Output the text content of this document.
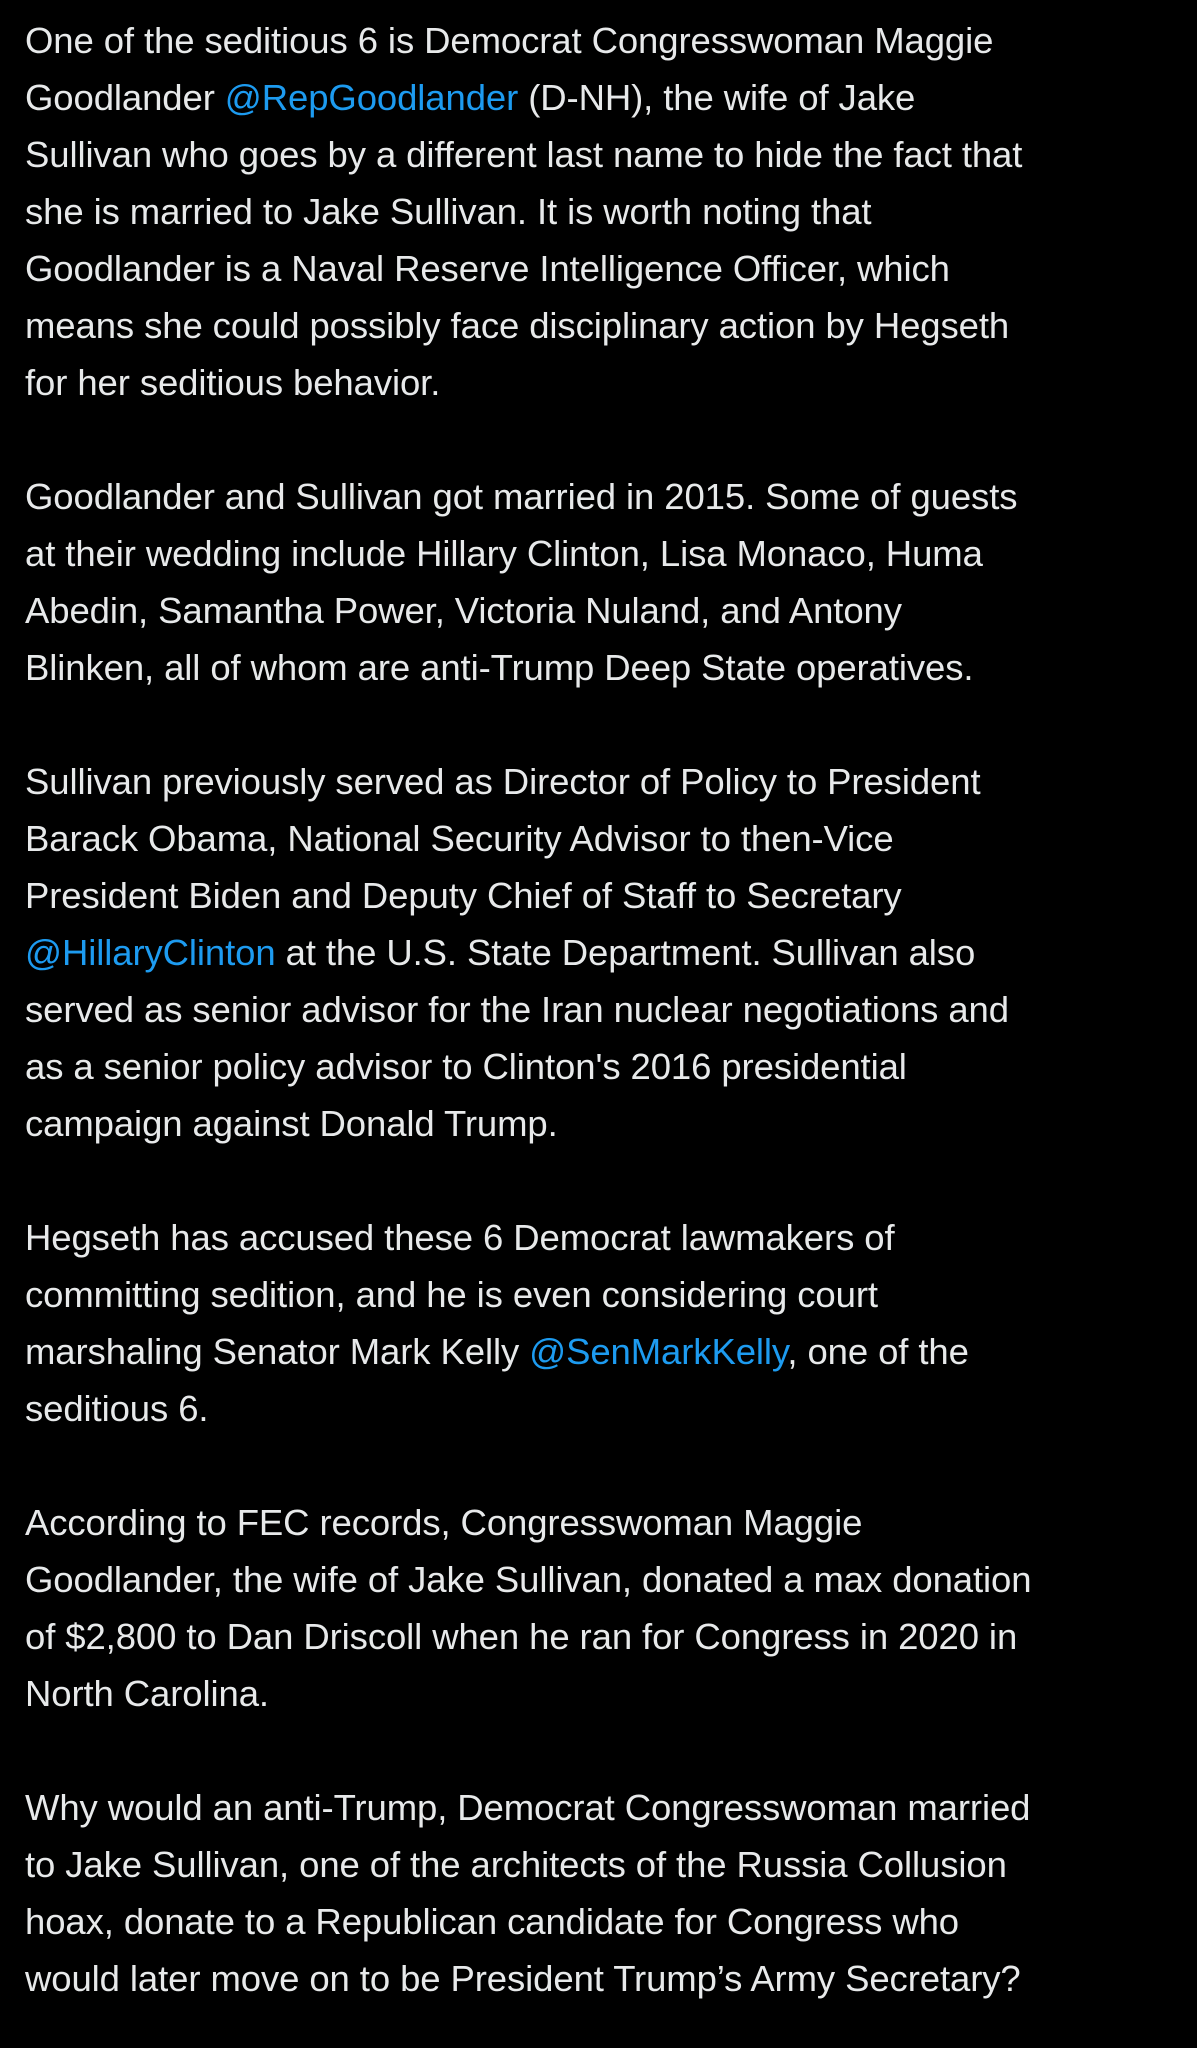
One of the seditious 6 is Democrat Congresswoman Maggie
Goodlander @RepGoodlander (D-NH), the wife of Jake
Sullivan who goes by a different last name to hide the fact that
she is married to Jake Sullivan. It is worth noting that
Goodlander is a Naval Reserve Intelligence Officer, which
means she could possibly face disciplinary action by Hegseth
for her seditious behavior.

Goodlander and Sullivan got married in 2015. Some of guests
at their wedding include Hillary Clinton, Lisa Monaco, Huma
Abedin, Samantha Power, Victoria Nuland, and Antony
Blinken, all of whom are anti-Trump Deep State operatives.

Sullivan previously served as Director of Policy to President
Barack Obama, National Security Advisor to then-Vice
President Biden and Deputy Chief of Staff to Secretary
@HillaryClinton at the U.S. State Department. Sullivan also
served as senior advisor for the Iran nuclear negotiations and
as a senior policy advisor to Clinton's 2016 presidential
campaign against Donald Trump.

Hegseth has accused these 6 Democrat lawmakers of
committing sedition, and he is even considering court
marshaling Senator Mark Kelly @SenMarkKelly, one of the
seditious 6.

According to FEC records, Congresswoman Maggie
Goodlander, the wife of Jake Sullivan, donated a max donation
of $2,800 to Dan Driscoll when he ran for Congress in 2020 in
North Carolina.

Why would an anti-Trump, Democrat Congresswoman married
to Jake Sullivan, one of the architects of the Russia Collusion
hoax, donate to a Republican candidate for Congress who
would later move on to be President Trump’s Army Secretary?
